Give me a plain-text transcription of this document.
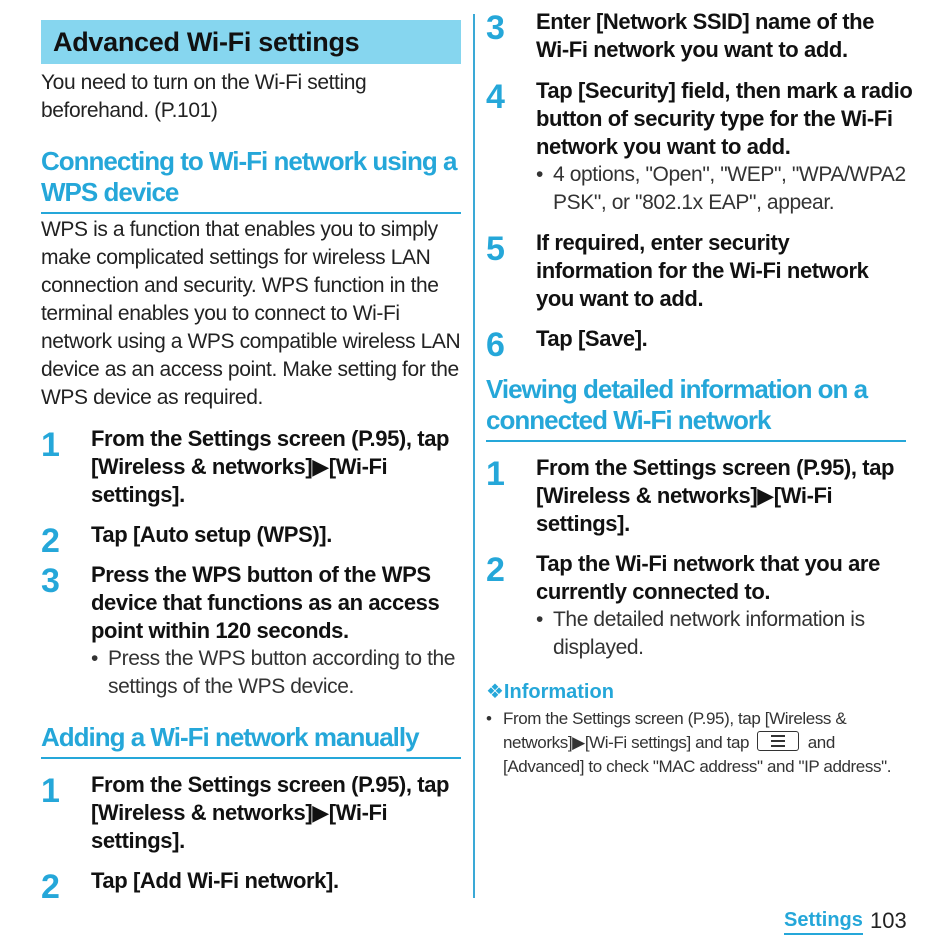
Advanced Wi-Fi settings
You need to turn on the Wi-Fi setting beforehand. (P.101)
Connecting to Wi-Fi network using a WPS device
WPS is a function that enables you to simply make complicated settings for wireless LAN connection and security. WPS function in the terminal enables you to connect to Wi-Fi network using a WPS compatible wireless LAN device as an access point. Make setting for the WPS device as required.
1	From the Settings screen (P.95), tap [Wireless & networks]▶[Wi-Fi settings].
2	Tap [Auto setup (WPS)].
3	Press the WPS button of the WPS device that functions as an access point within 120 seconds.
• Press the WPS button according to the settings of the WPS device.
Adding a Wi-Fi network manually
1	From the Settings screen (P.95), tap [Wireless & networks]▶[Wi-Fi settings].
2	Tap [Add Wi-Fi network].
3	Enter [Network SSID] name of the Wi-Fi network you want to add.
4	Tap [Security] field, then mark a radio button of security type for the Wi-Fi network you want to add.
• 4 options, "Open", "WEP", "WPA/WPA2 PSK", or "802.1x EAP", appear.
5	If required, enter security information for the Wi-Fi network you want to add.
6	Tap [Save].
Viewing detailed information on a connected Wi-Fi network
1	From the Settings screen (P.95), tap [Wireless & networks]▶[Wi-Fi settings].
2	Tap the Wi-Fi network that you are currently connected to.
• The detailed network information is displayed.
❖Information
• From the Settings screen (P.95), tap [Wireless & networks]▶[Wi-Fi settings] and tap	and [Advanced] to check "MAC address" and "IP address".
Settings 103
